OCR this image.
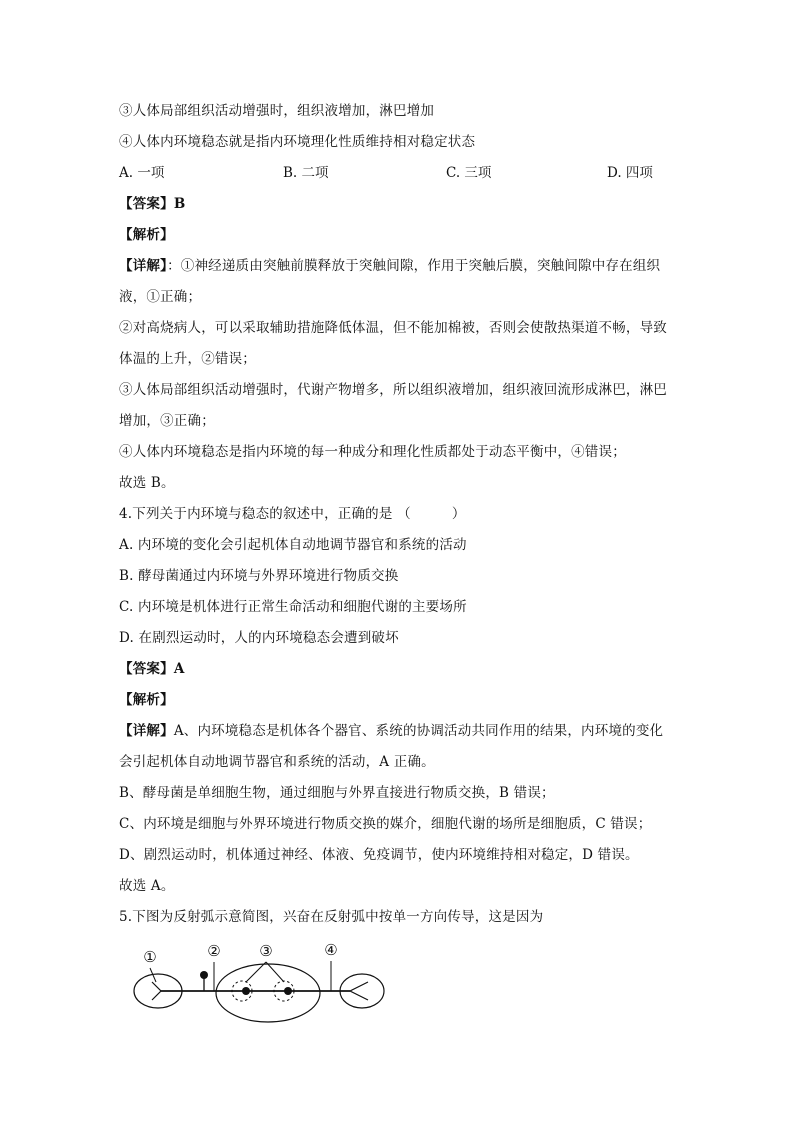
③人体局部组织活动增强时，组织液增加，淋巴增加
④人体内环境稳态就是指内环境理化性质维持相对稳定状态
A. 一项	B. 二项	C. 三项	D. 四项
【答案】B
【解析】
【详解】：①神经递质由突触前膜释放于突触间隙，作用于突触后膜，突触间隙中存在组织
液，①正确；
②对高烧病人，可以采取辅助措施降低体温，但不能加棉被，否则会使散热渠道不畅，导致
体温的上升，②错误；
③人体局部组织活动增强时，代谢产物增多，所以组织液增加，组织液回流形成淋巴，淋巴
增加，③正确；
④人体内环境稳态是指内环境的每一种成分和理化性质都处于动态平衡中，④错误；
故选 B。
4.下列关于内环境与稳态的叙述中，正确的是 （　　　）
A. 内环境的变化会引起机体自动地调节器官和系统的活动
B. 酵母菌通过内环境与外界环境进行物质交换
C. 内环境是机体进行正常生命活动和细胞代谢的主要场所
D. 在剧烈运动时，人的内环境稳态会遭到破坏
【答案】A
【解析】
【详解】A、内环境稳态是机体各个器官、系统的协调活动共同作用的结果，内环境的变化
会引起机体自动地调节器官和系统的活动，A 正确。
B、酵母菌是单细胞生物，通过细胞与外界直接进行物质交换，B 错误；
C、内环境是细胞与外界环境进行物质交换的媒介，细胞代谢的场所是细胞质，C 错误；
D、剧烈运动时，机体通过神经、体液、免疫调节，使内环境维持相对稳定，D 错误。
故选 A。
5.下图为反射弧示意简图，兴奋在反射弧中按单一方向传导，这是因为
①	②	③	④
